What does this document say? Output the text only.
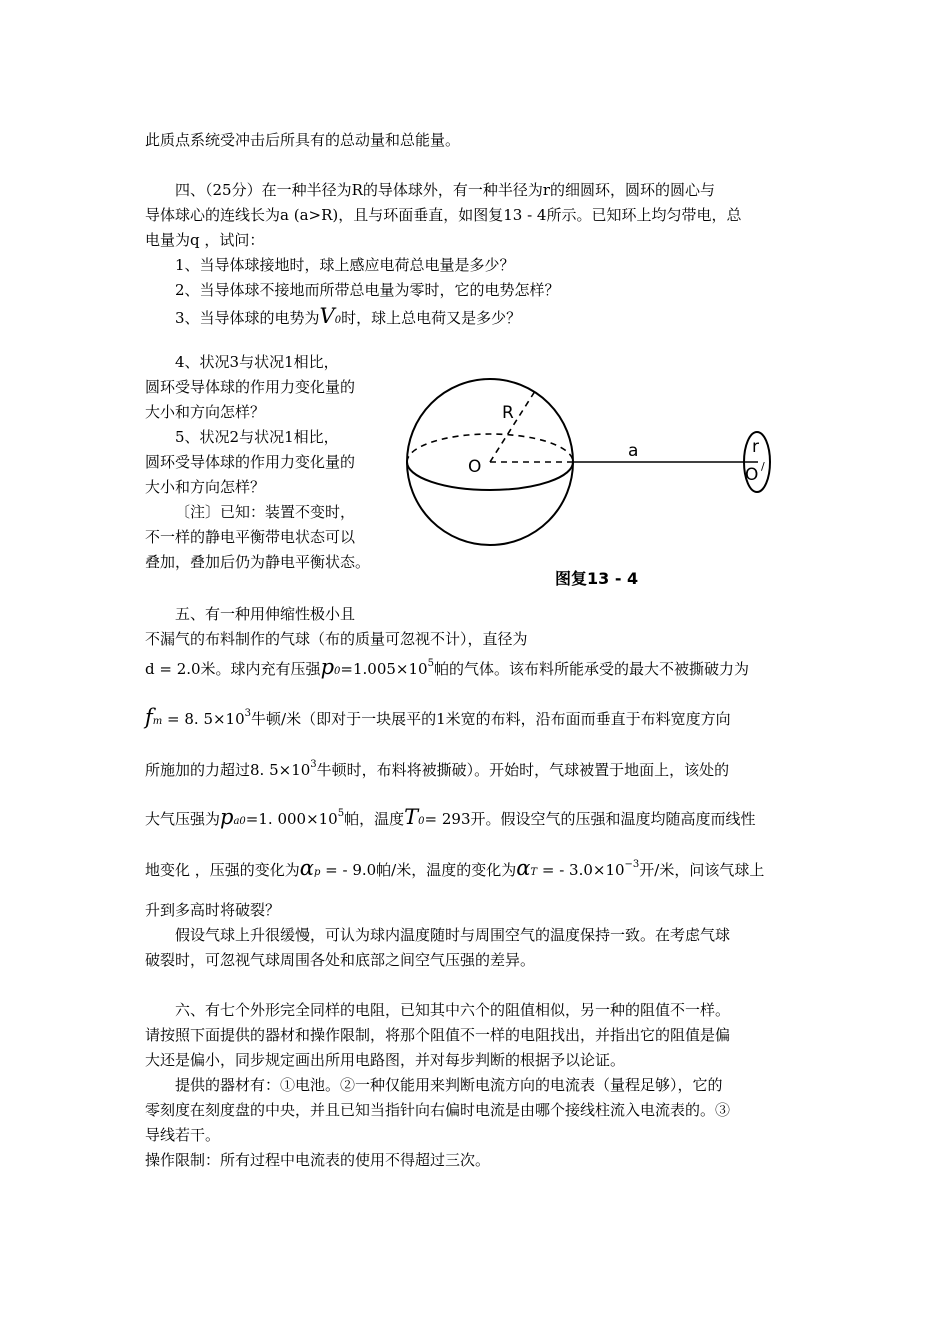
此质点系统受冲击后所具有的总动量和总能量。
四、（25分）在一种半径为R的导体球外，有一种半径为r的细圆环，圆环的圆心与
导体球心的连线长为a (a>R)，且与环面垂直，如图复13 - 4所示。已知环上均匀带电，总
电量为q ，试问：
1、当导体球接地时，球上感应电荷总电量是多少？
2、当导体球不接地而所带总电量为零时，它的电势怎样？
3、当导体球的电势为V0时，球上总电荷又是多少？
4、状况3与状况1相比，
圆环受导体球的作用力变化量的
大小和方向怎样？
5、状况2与状况1相比，
圆环受导体球的作用力变化量的
大小和方向怎样？
〔注〕已知：装置不变时，
不一样的静电平衡带电状态可以
叠加，叠加后仍为静电平衡状态。
R
O
a	r
O /
图复13 - 4
五、有一种用伸缩性极小且
不漏气的布料制作的气球（布的质量可忽视不计），直径为
d = 2.0米。球内充有压强$p0=1.005\times 10^5$帕的气体。该布料所能承受的最大不被撕破力为
fm = 8. $5\times 10^3$牛顿/米（即对于一块展平的1米宽的布料，沿布面而垂直于布料宽度方向
所施加的力超过8. $5\times 10^3$牛顿时，布料将被撕破）。开始时，气球被置于地面上，该处的
大气压强为pa0=1. $000\times 10^5$帕，温度T0= 293开。假设空气的压强和温度均随高度而线性
地变化 ，压强的变化为αp = - 9.0帕/米，温度的变化为αT = - $3.0\times 10^{-3}$开/米，问该气球上
升到多高时将破裂？
假设气球上升很缓慢，可认为球内温度随时与周围空气的温度保持一致。在考虑气球
破裂时，可忽视气球周围各处和底部之间空气压强的差异。
六、有七个外形完全同样的电阻，已知其中六个的阻值相似，另一种的阻值不一样。
请按照下面提供的器材和操作限制，将那个阻值不一样的电阻找出，并指出它的阻值是偏
大还是偏小，同步规定画出所用电路图，并对每步判断的根据予以论证。
提供的器材有：①电池。②一种仅能用来判断电流方向的电流表（量程足够），它的
零刻度在刻度盘的中央，并且已知当指针向右偏时电流是由哪个接线柱流入电流表的。③
导线若干。
操作限制：所有过程中电流表的使用不得超过三次。
